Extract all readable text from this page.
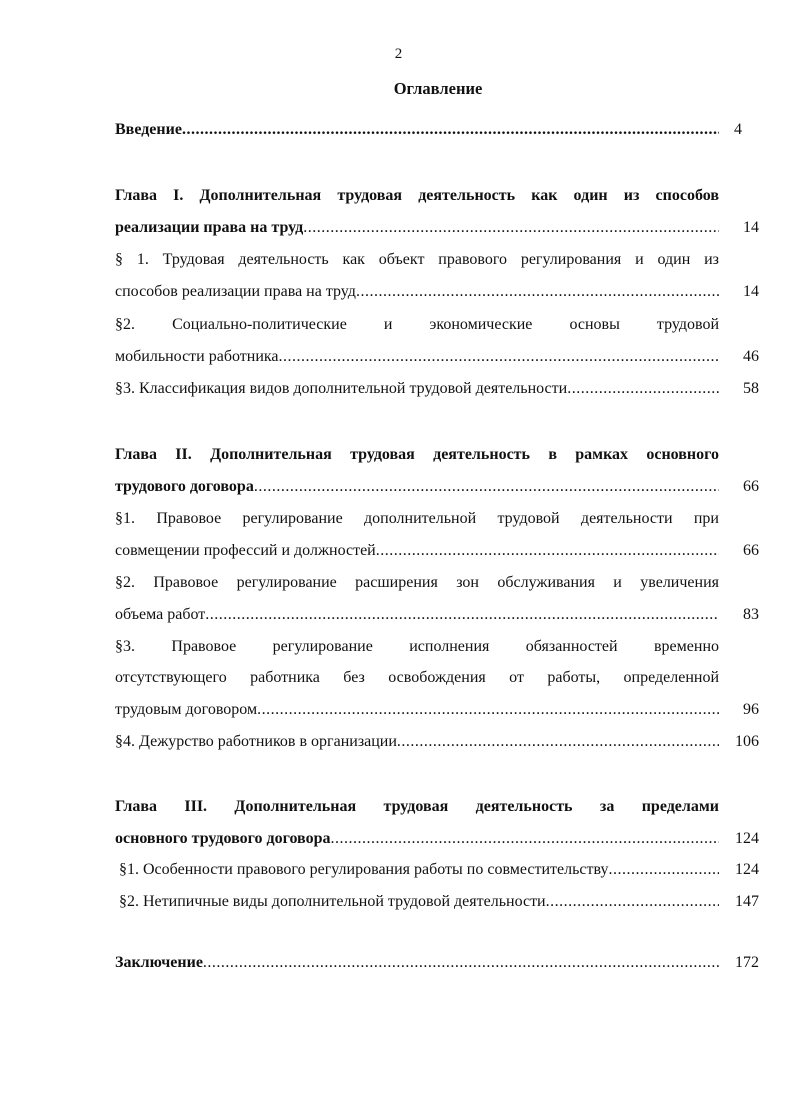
2
Оглавление
Введение .....	4
Глава I. Дополнительная трудовая деятельность как один из способов
реализации права на труд .....	14
§ 1. Трудовая деятельность как объект правового регулирования и один из
способов реализации права на труд .....	14
§2. Социально-политические и экономические основы трудовой
мобильности работника .....	46
§3. Классификация видов дополнительной трудовой деятельности .....	58
Глава II. Дополнительная трудовая деятельность в рамках основного
трудового договора .....	66
§1. Правовое регулирование дополнительной трудовой деятельности при
совмещении профессий и должностей .....	66
§2. Правовое регулирование расширения зон обслуживания и увеличения
объема работ .....	83
§3. Правовое регулирование исполнения обязанностей временно
отсутствующего работника без освобождения от работы, определенной
трудовым договором .....	96
§4. Дежурство работников в организации .....	106
Глава III. Дополнительная трудовая деятельность за пределами
основного трудового договора .....	124
§1. Особенности правового регулирования работы по совместительству .....	124
§2. Нетипичные виды дополнительной трудовой деятельности .....	147
Заключение .....	172
